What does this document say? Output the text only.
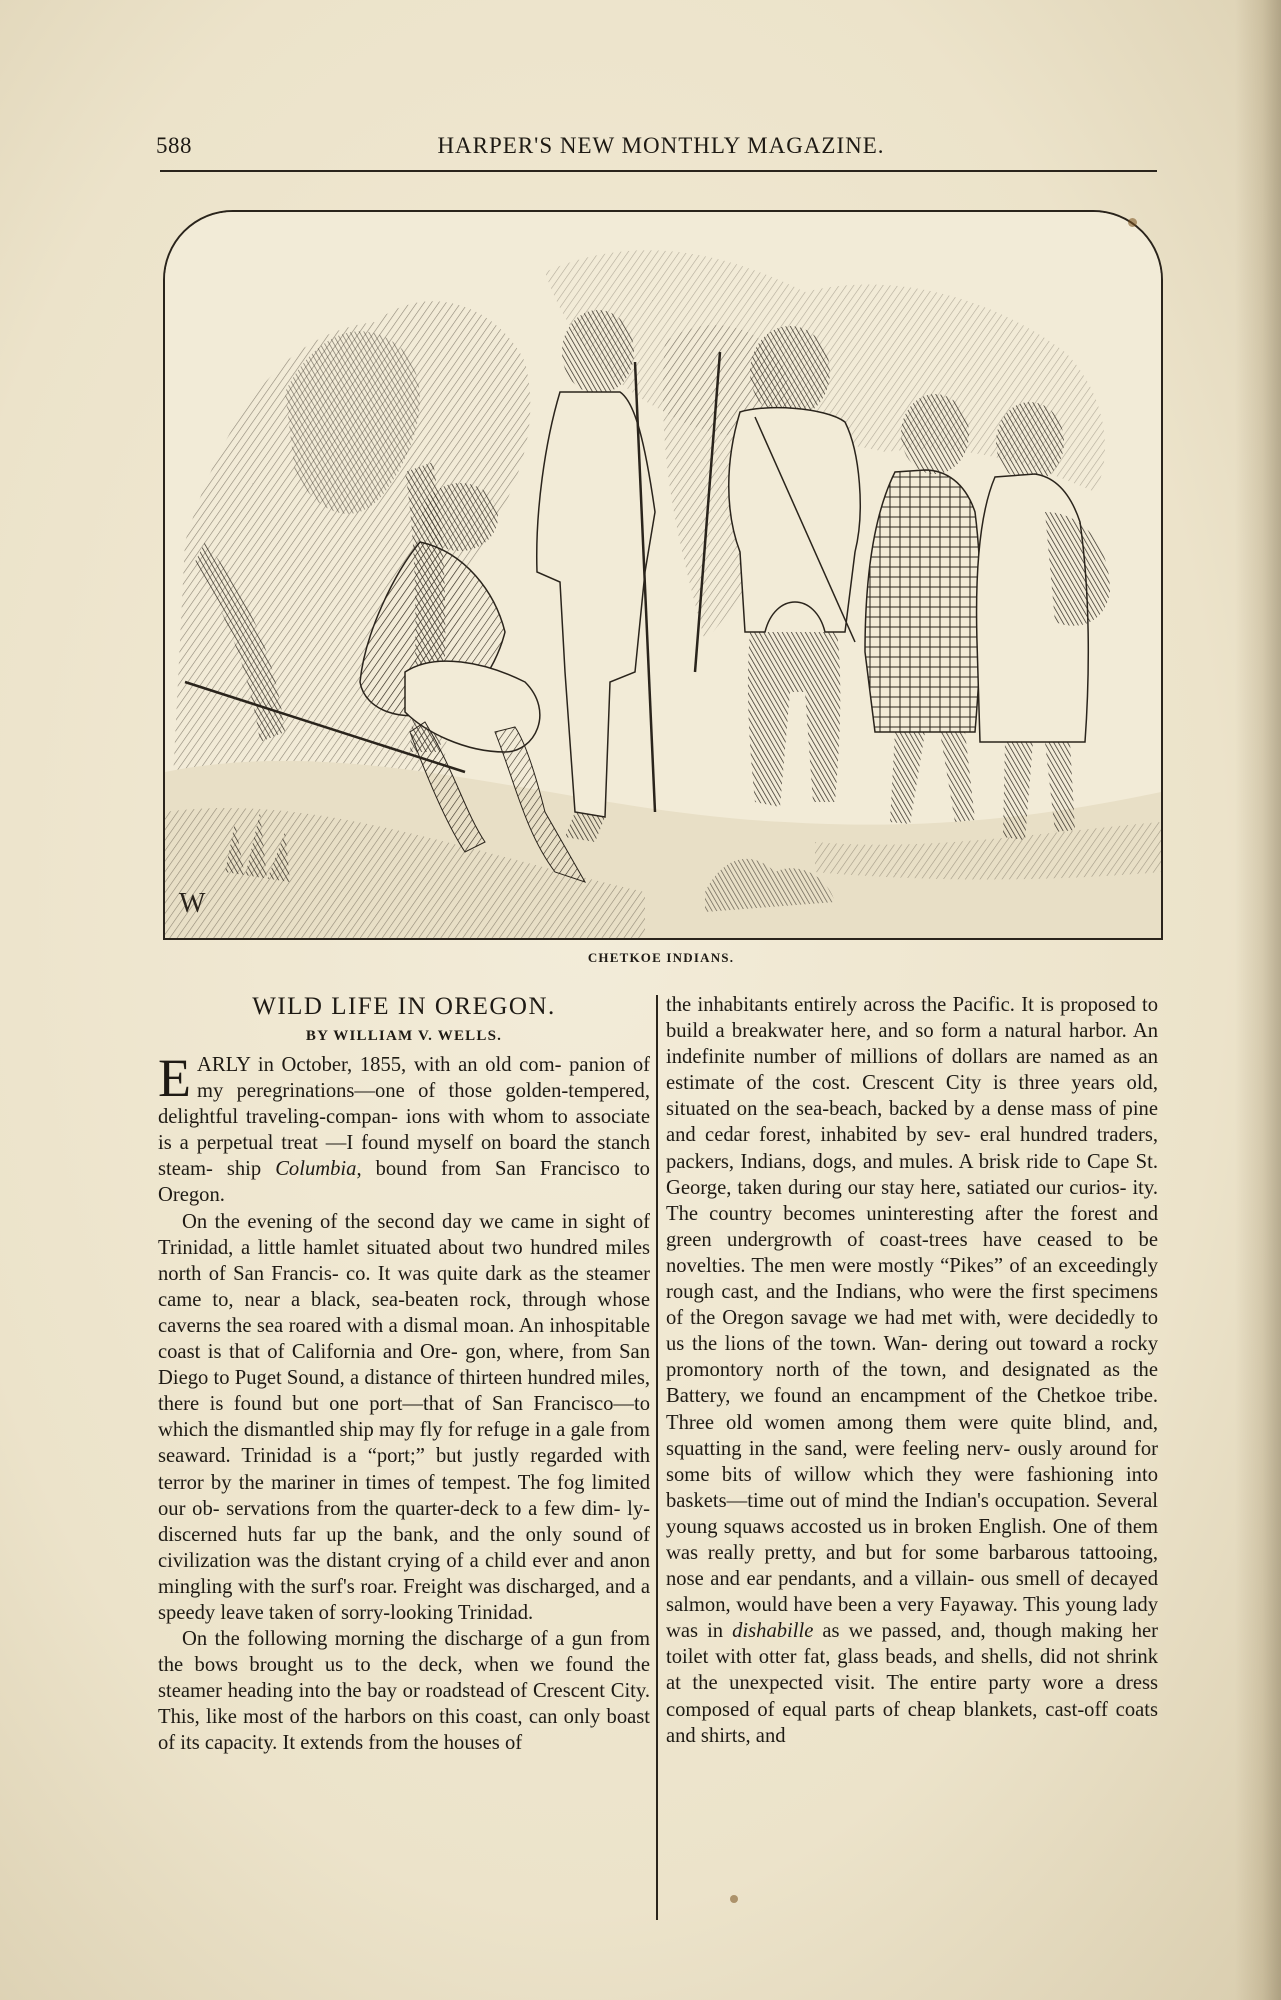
588	HARPER'S NEW MONTHLY MAGAZINE.
W
CHETKOE INDIANS.
WILD LIFE IN OREGON.
BY WILLIAM V. WELLS.

EARLY in October, 1855, with an old com- panion of my peregrinations—one of those golden-tempered, delightful traveling-compan- ions with whom to associate is a perpetual treat —I found myself on board the stanch steam- ship Columbia, bound from San Francisco to Oregon.

On the evening of the second day we came in sight of Trinidad, a little hamlet situated about two hundred miles north of San Francis- co. It was quite dark as the steamer came to, near a black, sea-beaten rock, through whose caverns the sea roared with a dismal moan. An inhospitable coast is that of California and Ore- gon, where, from San Diego to Puget Sound, a distance of thirteen hundred miles, there is found but one port—that of San Francisco—to which the dismantled ship may fly for refuge in a gale from seaward. Trinidad is a “port;” but justly regarded with terror by the mariner in times of tempest. The fog limited our ob- servations from the quarter-deck to a few dim- ly-discerned huts far up the bank, and the only sound of civilization was the distant crying of a child ever and anon mingling with the surf's roar. Freight was discharged, and a speedy leave taken of sorry-looking Trinidad.

On the following morning the discharge of a gun from the bows brought us to the deck, when we found the steamer heading into the bay or roadstead of Crescent City. This, like most of the harbors on this coast, can only boast of its capacity. It extends from the houses of

the inhabitants entirely across the Pacific. It is proposed to build a breakwater here, and so form a natural harbor. An indefinite number of millions of dollars are named as an estimate of the cost. Crescent City is three years old, situated on the sea-beach, backed by a dense mass of pine and cedar forest, inhabited by sev- eral hundred traders, packers, Indians, dogs, and mules. A brisk ride to Cape St. George, taken during our stay here, satiated our curios- ity. The country becomes uninteresting after the forest and green undergrowth of coast-trees have ceased to be novelties. The men were mostly “Pikes” of an exceedingly rough cast, and the Indians, who were the first specimens of the Oregon savage we had met with, were decidedly to us the lions of the town. Wan- dering out toward a rocky promontory north of the town, and designated as the Battery, we found an encampment of the Chetkoe tribe. Three old women among them were quite blind, and, squatting in the sand, were feeling nerv- ously around for some bits of willow which they were fashioning into baskets—time out of mind the Indian's occupation. Several young squaws accosted us in broken English. One of them was really pretty, and but for some barbarous tattooing, nose and ear pendants, and a villain- ous smell of decayed salmon, would have been a very Fayaway. This young lady was in dishabille as we passed, and, though making her toilet with otter fat, glass beads, and shells, did not shrink at the unexpected visit. The entire party wore a dress composed of equal parts of cheap blankets, cast-off coats and shirts, and
